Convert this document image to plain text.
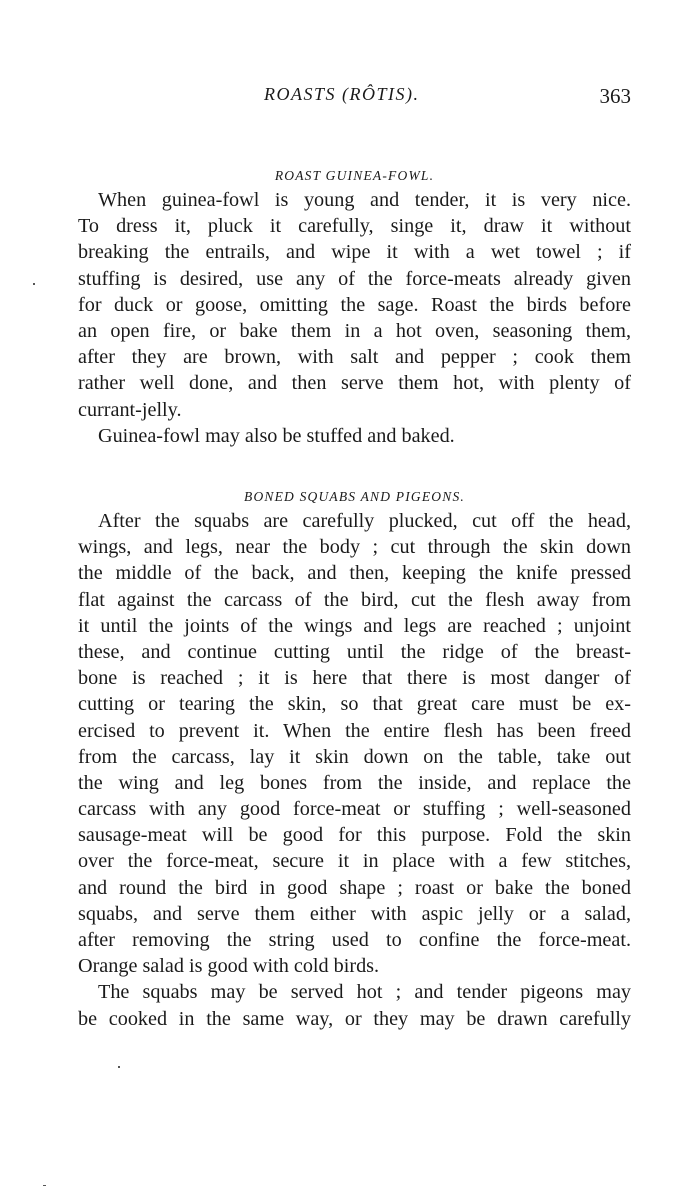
ROASTS (RÔTIS).	363
ROAST GUINEA-FOWL.

When guinea-fowl is young and tender, it is very nice.
To dress it, pluck it carefully, singe it, draw it without
breaking the entrails, and wipe it with a wet towel ; if
stuffing is desired, use any of the force-meats already given
for duck or goose, omitting the sage. Roast the birds before
an open fire, or bake them in a hot oven, seasoning them,
after they are brown, with salt and pepper ; cook them
rather well done, and then serve them hot, with plenty of
currant-jelly.

Guinea-fowl may also be stuffed and baked.

BONED SQUABS AND PIGEONS.

After the squabs are carefully plucked, cut off the head,
wings, and legs, near the body ; cut through the skin down
the middle of the back, and then, keeping the knife pressed
flat against the carcass of the bird, cut the flesh away from
it until the joints of the wings and legs are reached ; unjoint
these, and continue cutting until the ridge of the breast-
bone is reached ; it is here that there is most danger of
cutting or tearing the skin, so that great care must be ex-
ercised to prevent it. When the entire flesh has been freed
from the carcass, lay it skin down on the table, take out
the wing and leg bones from the inside, and replace the
carcass with any good force-meat or stuffing ; well-seasoned
sausage-meat will be good for this purpose. Fold the skin
over the force-meat, secure it in place with a few stitches,
and round the bird in good shape ; roast or bake the boned
squabs, and serve them either with aspic jelly or a salad,
after removing the string used to confine the force-meat.
Orange salad is good with cold birds.

The squabs may be served hot ; and tender pigeons may
be cooked in the same way, or they may be drawn carefully
